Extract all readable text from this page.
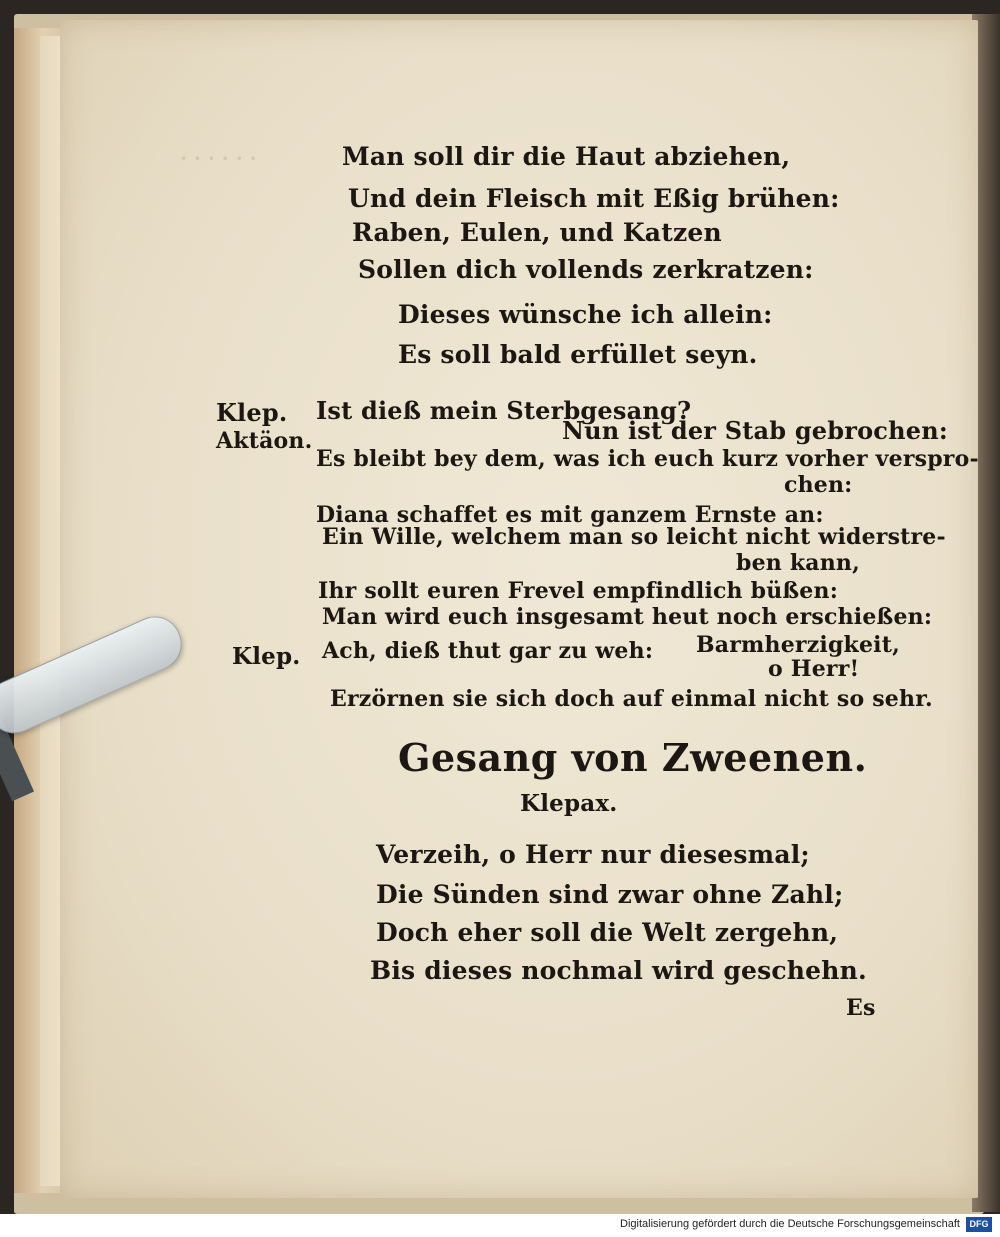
· · · · · ·	Man soll dir die Haut abziehen,
Und dein Fleisch mit Eßig brühen:
Raben, Eulen, und Katzen
Sollen dich vollends zerkratzen:
Dieses wünsche ich allein:
Es soll bald erfüllet seyn.
Klep.
Aktäon.
Ist dieß mein Sterbgesang?
Nun ist der Stab gebrochen:
Es bleibt bey dem, was ich euch kurz vorher verspro-
chen:
Diana schaffet es mit ganzem Ernste an:
Ein Wille, welchem man so leicht nicht widerstre-
ben kann,
Ihr sollt euren Frevel empfindlich büßen:
Man wird euch insgesamt heut noch erschießen:
Klep. Ach, dieß thut gar zu weh: Barmherzigkeit,
o Herr!
Erzörnen sie sich doch auf einmal nicht so sehr.
Gesang von Zweenen.
Klepax.
Verzeih, o Herr nur diesesmal;
Die Sünden sind zwar ohne Zahl;
Doch eher soll die Welt zergehn,
Bis dieses nochmal wird geschehn.
Es
Digitalisierung gefördert durch die Deutsche Forschungsgemeinschaft	DFG
